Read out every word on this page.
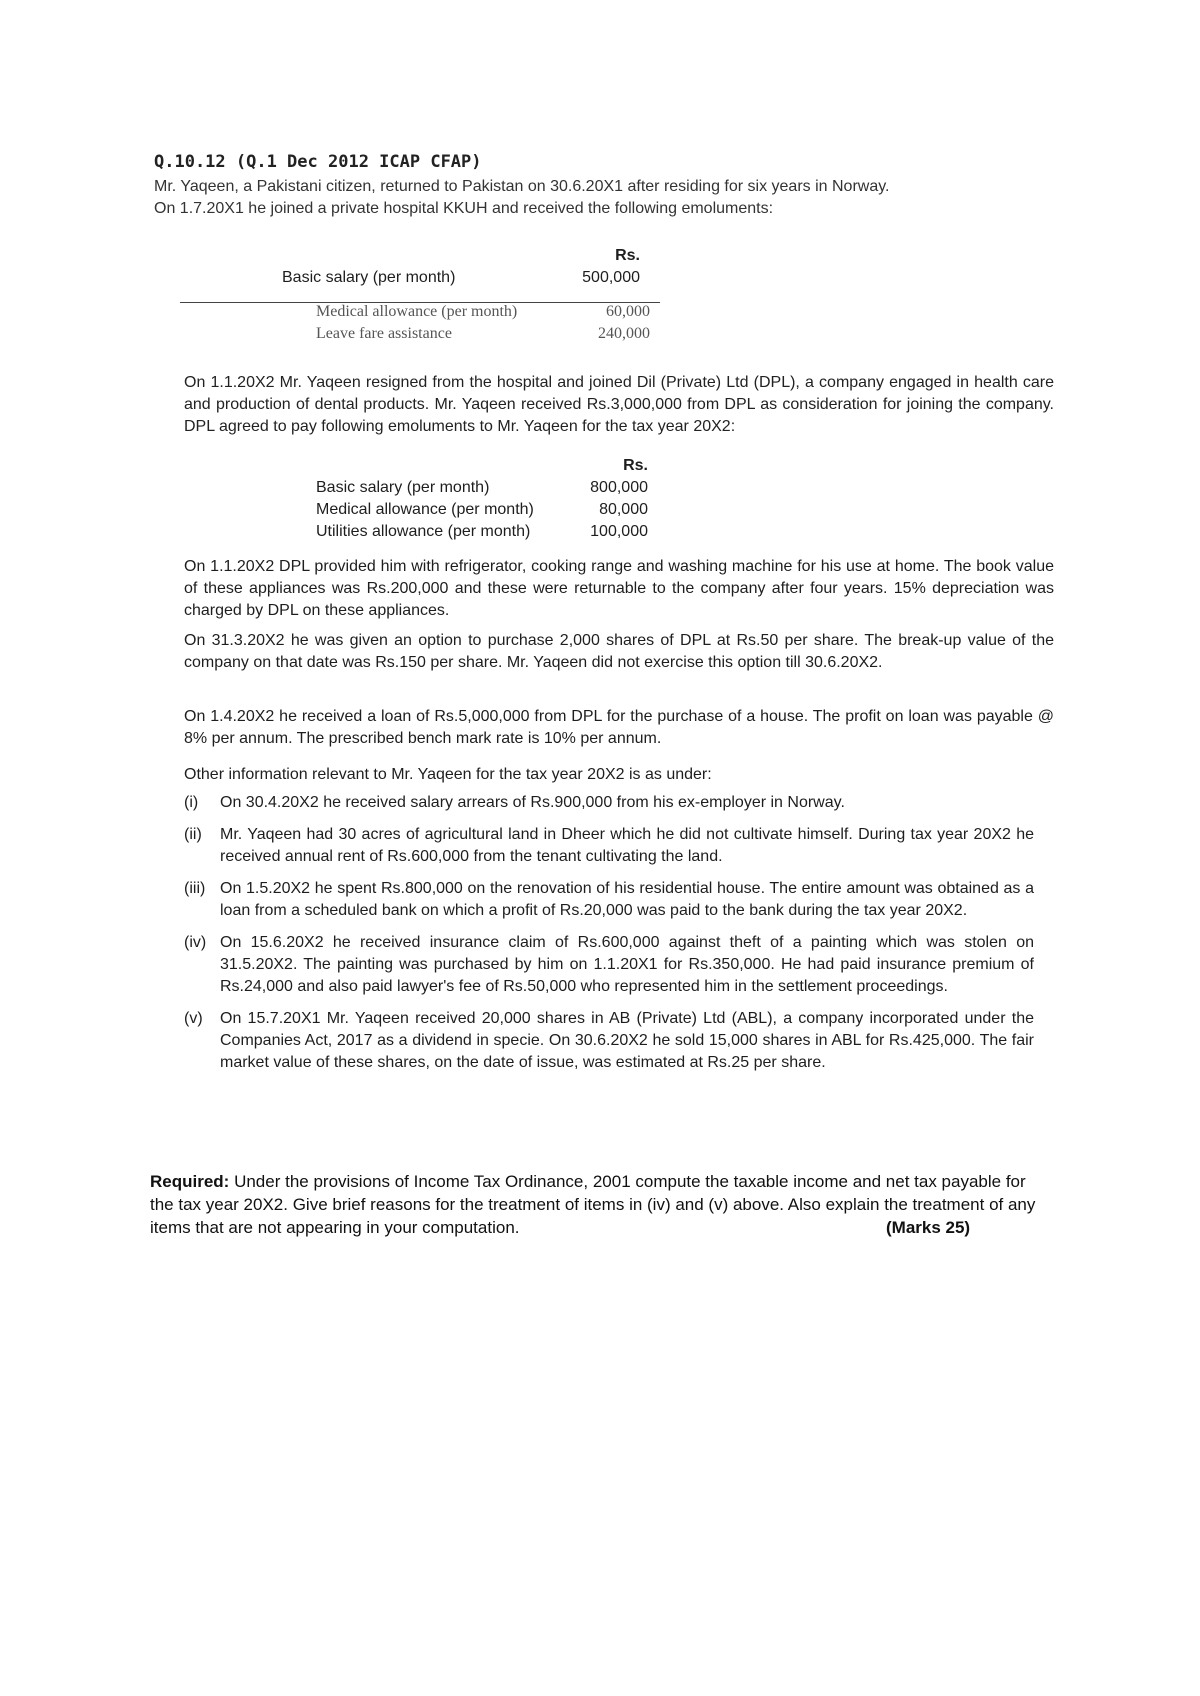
Q.10.12 (Q.1 Dec 2012 ICAP CFAP)

Mr. Yaqeen, a Pakistani citizen, returned to Pakistan on 30.6.20X1 after residing for six years in Norway.

On 1.7.20X1 he joined a private hospital KKUH and received the following emoluments:

Rs.
Basic salary (per month)	500,000
Medical allowance (per month)	60,000
Leave fare assistance	240,000

On 1.1.20X2 Mr. Yaqeen resigned from the hospital and joined Dil (Private) Ltd (DPL), a company engaged in health care and production of dental products. Mr. Yaqeen received Rs.3,000,000 from DPL as consideration for joining the company. DPL agreed to pay following emoluments to Mr. Yaqeen for the tax year 20X2:

Rs.
Basic salary (per month)	800,000
Medical allowance (per month)	80,000
Utilities allowance (per month)	100,000

On 1.1.20X2 DPL provided him with refrigerator, cooking range and washing machine for his use at home. The book value of these appliances was Rs.200,000 and these were returnable to the company after four years. 15% depreciation was charged by DPL on these appliances.

On 31.3.20X2 he was given an option to purchase 2,000 shares of DPL at Rs.50 per share. The break-up value of the company on that date was Rs.150 per share. Mr. Yaqeen did not exercise this option till 30.6.20X2.

On 1.4.20X2 he received a loan of Rs.5,000,000 from DPL for the purchase of a house. The profit on loan was payable @ 8% per annum. The prescribed bench mark rate is 10% per annum.

Other information relevant to Mr. Yaqeen for the tax year 20X2 is as under:

(i) On 30.4.20X2 he received salary arrears of Rs.900,000 from his ex-employer in Norway.
(ii) Mr. Yaqeen had 30 acres of agricultural land in Dheer which he did not cultivate himself. During tax year 20X2 he received annual rent of Rs.600,000 from the tenant cultivating the land.
(iii) On 1.5.20X2 he spent Rs.800,000 on the renovation of his residential house. The entire amount was obtained as a loan from a scheduled bank on which a profit of Rs.20,000 was paid to the bank during the tax year 20X2.
(iv) On 15.6.20X2 he received insurance claim of Rs.600,000 against theft of a painting which was stolen on 31.5.20X2. The painting was purchased by him on 1.1.20X1 for Rs.350,000. He had paid insurance premium of Rs.24,000 and also paid lawyer's fee of Rs.50,000 who represented him in the settlement proceedings.
(v) On 15.7.20X1 Mr. Yaqeen received 20,000 shares in AB (Private) Ltd (ABL), a company incorporated under the Companies Act, 2017 as a dividend in specie. On 30.6.20X2 he sold 15,000 shares in ABL for Rs.425,000. The fair market value of these shares, on the date of issue, was estimated at Rs.25 per share.
Required: Under the provisions of Income Tax Ordinance, 2001 compute the taxable income and net tax payable for the tax year 20X2. Give brief reasons for the treatment of items in (iv) and (v) above. Also explain the treatment of any items that are not appearing in your computation.	(Marks 25)
